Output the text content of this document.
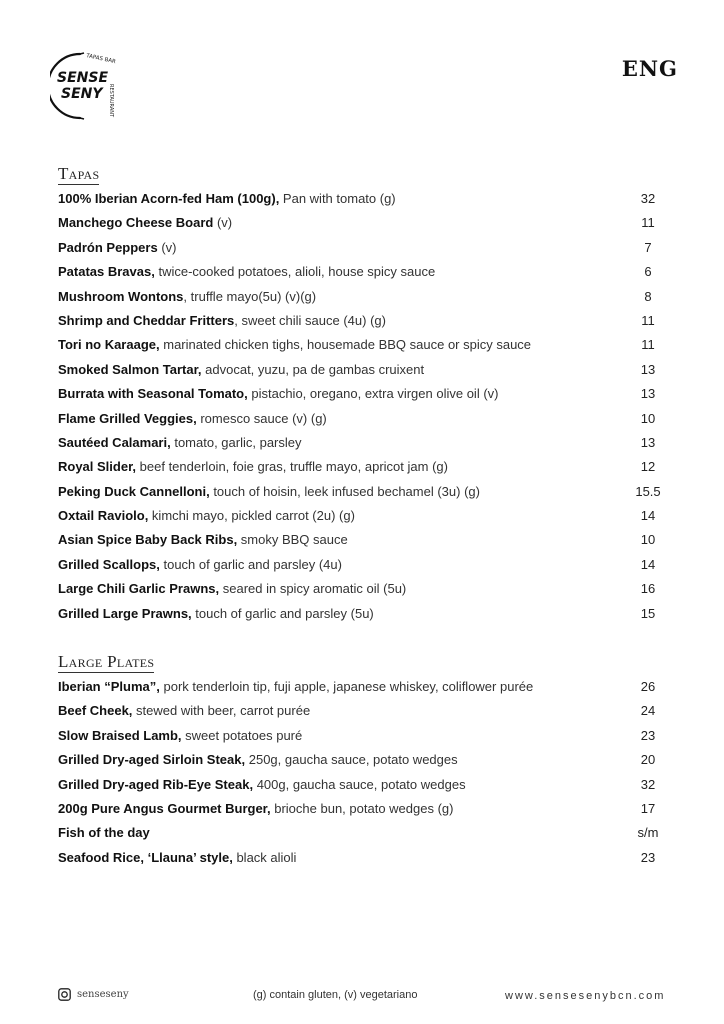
TAPAS BAR
RESTAURANT
SENSE
SENY
ENG
Tapas
100% Iberian Acorn-fed Ham (100g), Pan with tomato (g)	32
Manchego Cheese Board (v)	11
Padrón Peppers (v)	7
Patatas Bravas, twice-cooked potatoes, alioli, house spicy sauce	6
Mushroom Wontons, truffle mayo(5u) (v)(g)	8
Shrimp and Cheddar Fritters, sweet chili sauce (4u) (g)	11
Tori no Karaage, marinated chicken tighs, housemade BBQ sauce or spicy sauce	11
Smoked Salmon Tartar, advocat, yuzu, pa de gambas cruixent	13
Burrata with Seasonal Tomato, pistachio, oregano, extra virgen olive oil (v)	13
Flame Grilled Veggies, romesco sauce (v) (g)	10
Sautéed Calamari, tomato, garlic, parsley	13
Royal Slider, beef tenderloin, foie gras, truffle mayo, apricot jam (g)	12
Peking Duck Cannelloni, touch of hoisin, leek infused bechamel (3u) (g)	15.5
Oxtail Raviolo, kimchi mayo, pickled carrot (2u) (g)	14
Asian Spice Baby Back Ribs, smoky BBQ sauce	10
Grilled Scallops, touch of garlic and parsley (4u)	14
Large Chili Garlic Prawns, seared in spicy aromatic oil (5u)	16
Grilled Large Prawns, touch of garlic and parsley (5u)	15
Large Plates
Iberian “Pluma”, pork tenderloin tip, fuji apple, japanese whiskey, coliflower purée	26
Beef Cheek, stewed with beer, carrot purée	24
Slow Braised Lamb, sweet potatoes puré	23
Grilled Dry-aged Sirloin Steak, 250g, gaucha sauce, potato wedges	20
Grilled Dry-aged Rib-Eye Steak, 400g, gaucha sauce, potato wedges	32
200g Pure Angus Gourmet Burger, brioche bun, potato wedges (g)	17
Fish of the day	s/m
Seafood Rice, ‘Llauna’ style, black alioli	23
senseseny	(g) contain gluten, (v) vegetariano	www.sensesenybcn.com
